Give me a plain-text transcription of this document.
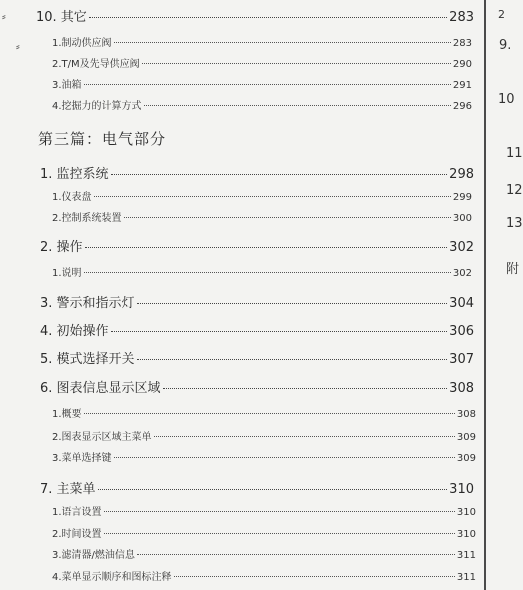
⸗
⸗
10. 其它	283
1.制动供应阀	283
2.T/M及先导供应阀	290
3.油箱	291
4.挖掘力的计算方式	296
第三篇：电气部分
1. 监控系统	298
1.仪表盘	299
2.控制系统装置	300
2. 操作	302
1.说明	302
3. 警示和指示灯	304
4. 初始操作	306
5. 模式选择开关	307
6. 图表信息显示区域	308
1.概要	308
2.图表显示区域主菜单	309
3.菜单选择键	309
7. 主菜单	310
1.语言设置	310
2.时间设置	310
3.滤清器/燃油信息	311
4.菜单显示顺序和图标注释	311
2
9.
10
11
12
13
附
